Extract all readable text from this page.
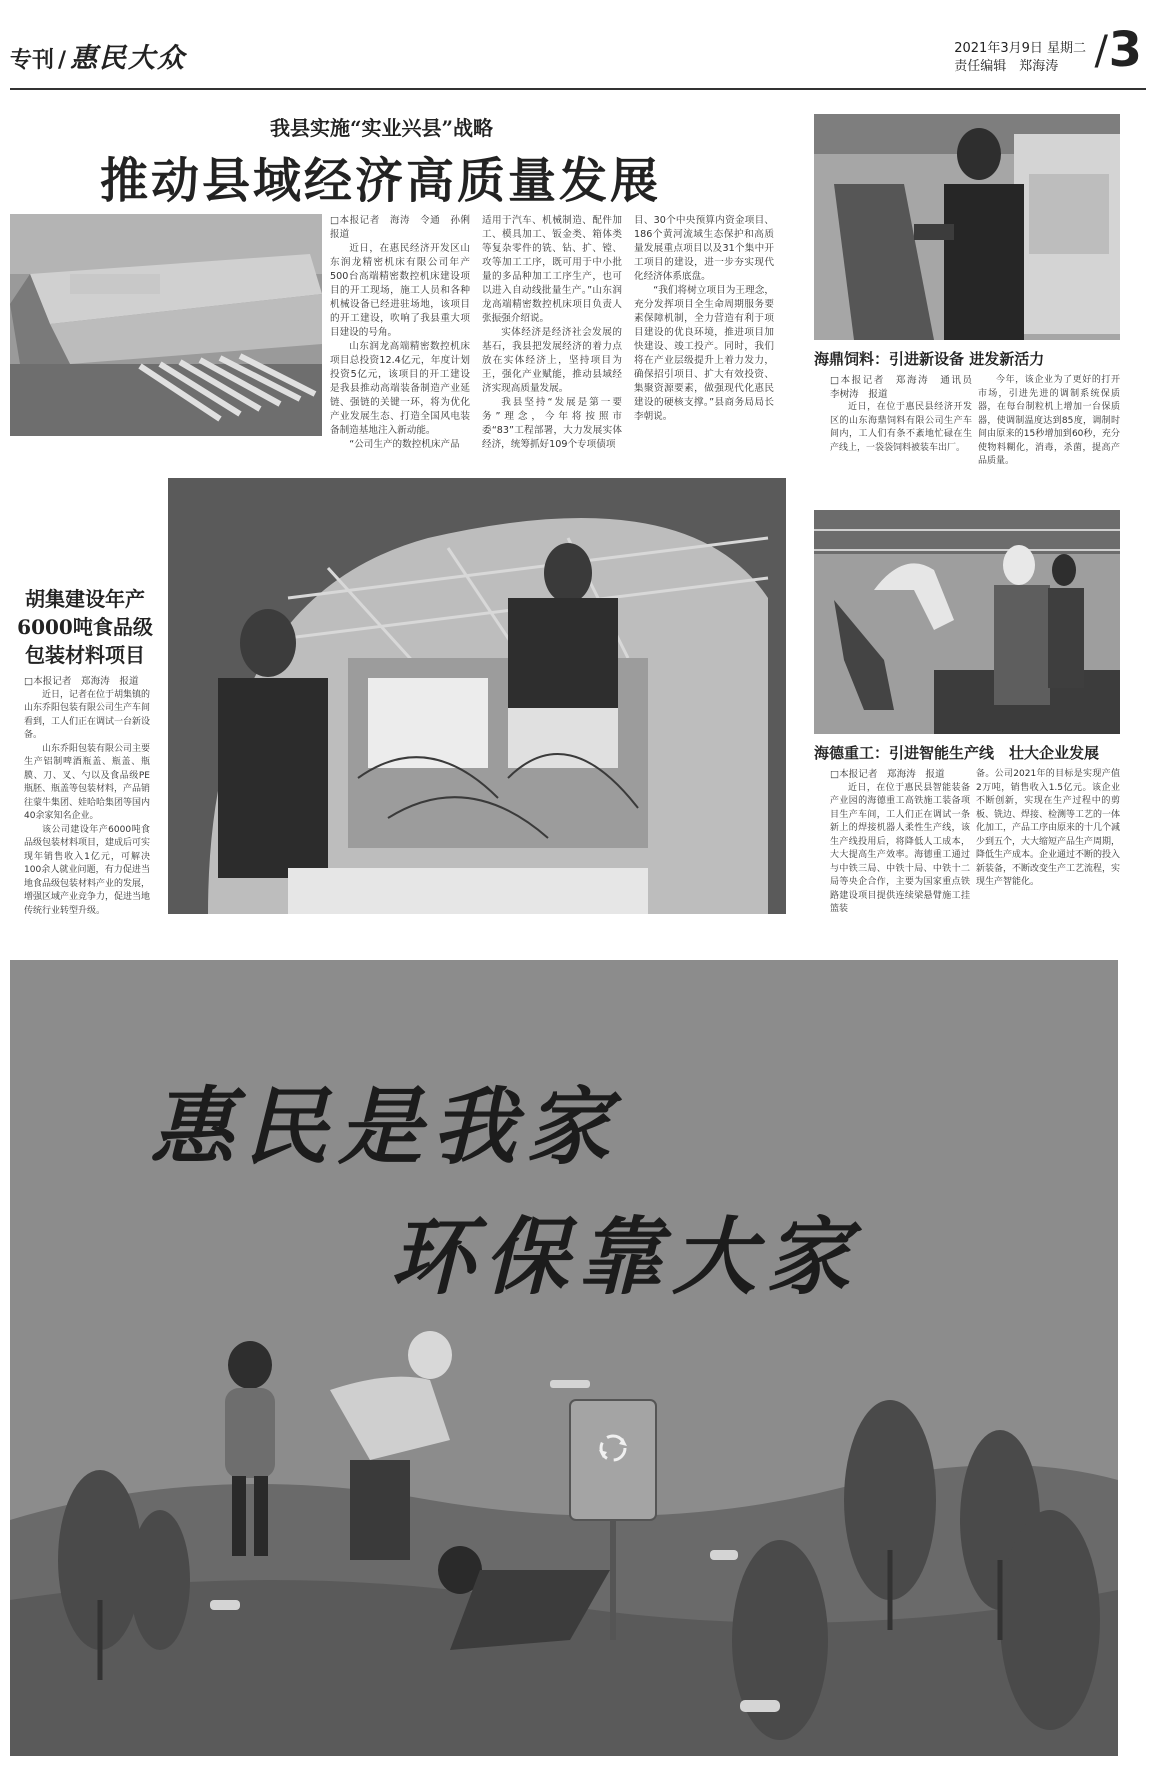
专刊 / 惠民大众	2021年3月9日 星期二
责任编辑　郑海涛 / 3
我县实施“实业兴县”战略
推动县域经济高质量发展
□本报记者　海涛　令通　孙俐　报道

近日，在惠民经济开发区山东润龙精密机床有限公司年产500台高端精密数控机床建设项目的开工现场，施工人员和各种机械设备已经进驻场地，该项目的开工建设，吹响了我县重大项目建设的号角。

山东润龙高端精密数控机床项目总投资12.4亿元，年度计划投资5亿元，该项目的开工建设是我县推动高端装备制造产业延链、强链的关键一环，将为优化产业发展生态、打造全国风电装备制造基地注入新动能。

“公司生产的数控机床产品

适用于汽车、机械制造、配件加工、模具加工、钣金类、箱体类等复杂零件的铣、钻、扩、镗、攻等加工工序，既可用于中小批量的多品种加工工序生产，也可以进入自动线批量生产。”山东润龙高端精密数控机床项目负责人张振强介绍说。

实体经济是经济社会发展的基石，我县把发展经济的着力点放在实体经济上，坚持项目为王，强化产业赋能，推动县域经济实现高质量发展。

我县坚持“发展是第一要务”理念，今年将按照市委“83”工程部署，大力发展实体经济，统筹抓好109个专项债项

目、30个中央预算内资金项目、186个黄河流域生态保护和高质量发展重点项目以及31个集中开工项目的建设，进一步夯实现代化经济体系底盘。

“我们将树立项目为王理念，充分发挥项目全生命周期服务要素保障机制，全力营造有利于项目建设的优良环境，推进项目加快建设、竣工投产。同时，我们将在产业层级提升上着力发力，确保招引项目、扩大有效投资、集聚资源要素，做强现代化惠民建设的硬核支撑。”县商务局局长李朝说。

胡集建设年产6000吨食品级包装材料项目
□本报记者　郑海涛　报道

近日，记者在位于胡集镇的山东乔阳包装有限公司生产车间看到，工人们正在调试一台新设备。

山东乔阳包装有限公司主要生产铝制啤酒瓶盖、瓶盖、瓶膜、刀、叉、勺以及食品级PE瓶胚、瓶盖等包装材料，产品销往蒙牛集团、娃哈哈集团等国内40余家知名企业。

该公司建设年产6000吨食品级包装材料项目，建成后可实现年销售收入1亿元，可解决100余人就业问题，有力促进当地食品级包装材料产业的发展，增强区域产业竞争力，促进当地传统行业转型升级。

海鼎饲料：引进新设备 进发新活力
□本报记者　郑海涛　通讯员　李树涛　报道

近日，在位于惠民县经济开发区的山东海鼎饲料有限公司生产车间内，工人们有条不紊地忙碌在生产线上，一袋袋饲料被装车出厂。

今年，该企业为了更好的打开市场，引进先进的调制系统保质器，在每台制粒机上增加一台保质器，使调制温度达到85度，调制时间由原来的15秒增加到60秒，充分使物料糊化，消毒，杀菌，提高产品质量。

海德重工：引进智能生产线　壮大企业发展
□本报记者　郑海涛　报道

近日，在位于惠民县智能装备产业园的海德重工高铁施工装备项目生产车间，工人们正在调试一条新上的焊接机器人柔性生产线，该生产线投用后，将降低人工成本，大大提高生产效率。海德重工通过与中铁三局、中铁十局、中铁十二局等央企合作，主要为国家重点铁路建设项目提供连续梁悬臂施工挂篮装

备。公司2021年的目标是实现产值2万吨，销售收入1.5亿元。该企业不断创新，实现在生产过程中的剪板、铣边、焊接、检测等工艺的一体化加工，产品工序由原来的十几个减少到五个，大大缩短产品生产周期，降低生产成本。企业通过不断的投入新装备，不断改变生产工艺流程，实现生产智能化。

惠民是我家
环保靠大家
